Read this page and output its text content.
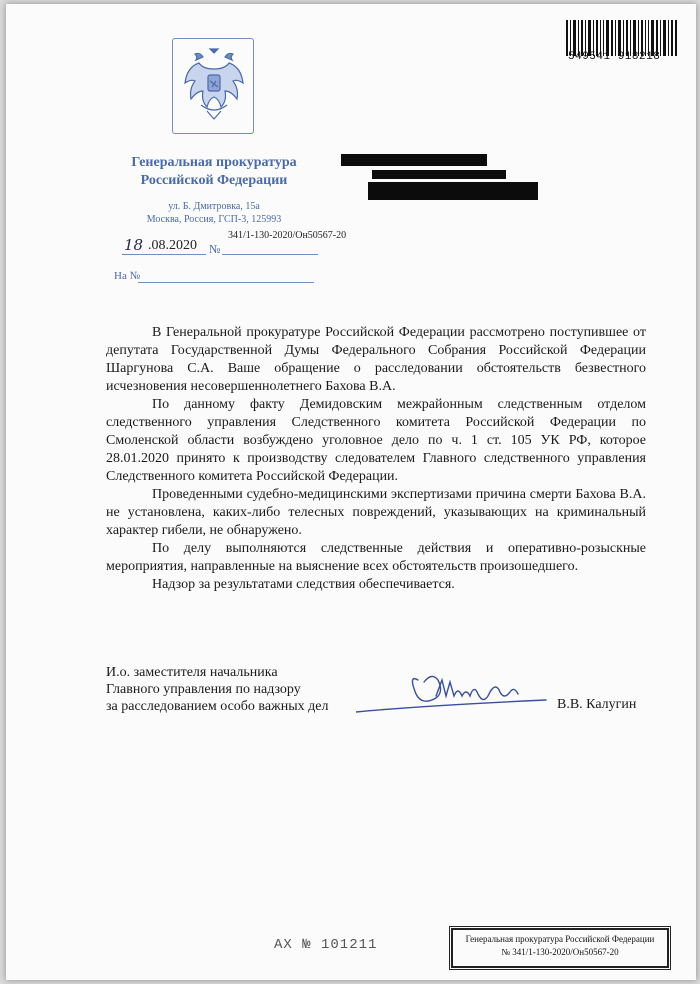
549541 918218
Генеральная прокуратура
Российской Федерации
ул. Б. Дмитровка, 15а
Москва, Россия, ГСП-3, 125993
18 .08.2020 №
341/1-130-2020/Он50567-20
На №

В Генеральной прокуратуре Российской Федерации рассмотрено поступившее от депутата Государственной Думы Федерального Собрания Российской Федерации Шаргунова С.А. Ваше обращение о расследовании обстоятельств безвестного исчезновения несовершеннолетнего Бахова В.А.

По данному факту Демидовским межрайонным следственным отделом следственного управления Следственного комитета Российской Федерации по Смоленской области возбуждено уголовное дело по ч. 1 ст. 105 УК РФ, которое 28.01.2020 принято к производству следователем Главного следственного управления Следственного комитета Российской Федерации.

Проведенными судебно-медицинскими экспертизами причина смерти Бахова В.А. не установлена, каких-либо телесных повреждений, указывающих на криминальный характер гибели, не обнаружено.

По делу выполняются следственные действия и оперативно-розыскные мероприятия, направленные на выяснение всех обстоятельств произошедшего.

Надзор за результатами следствия обеспечивается.

И.о. заместителя начальника
Главного управления по надзору
за расследованием особо важных дел	В.В. Калугин
АХ № 101211	Генеральная прокуратура Российской Федерации
№ 341/1-130-2020/Он50567-20
